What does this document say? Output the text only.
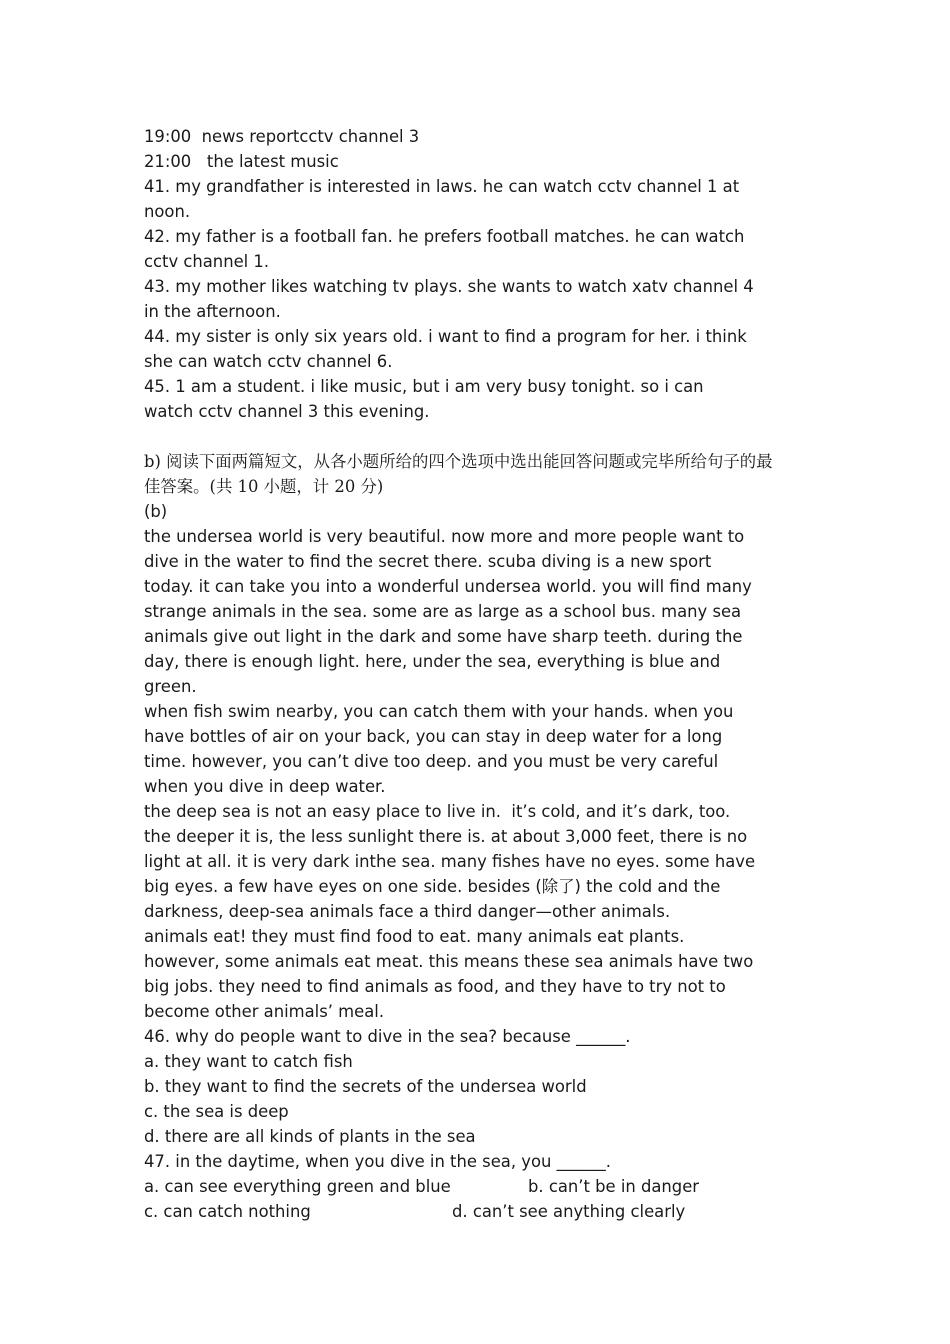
19:00 news reportcctv channel 3
21:00 the latest music
41. my grandfather is interested in laws. he can watch cctv channel 1 at
noon.
42. my father is a football fan. he prefers football matches. he can watch
cctv channel 1.
43. my mother likes watching tv plays. she wants to watch xatv channel 4
in the afternoon.
44. my sister is only six years old. i want to find a program for her. i think
she can watch cctv channel 6.
45. 1 am a student. i like music, but i am very busy tonight. so i can
watch cctv channel 3 this evening.
b) 阅读下面两篇短文，从各小题所给的四个选项中选出能回答问题或完毕所给句子的最
佳答案。(共 10 小题，计 20 分)
(b)
the undersea world is very beautiful. now more and more people want to
dive in the water to find the secret there. scuba diving is a new sport
today. it can take you into a wonderful undersea world. you will find many
strange animals in the sea. some are as large as a school bus. many sea
animals give out light in the dark and some have sharp teeth. during the
day, there is enough light. here, under the sea, everything is blue and
green.
when fish swim nearby, you can catch them with your hands. when you
have bottles of air on your back, you can stay in deep water for a long
time. however, you can’t dive too deep. and you must be very careful
when you dive in deep water.
the deep sea is not an easy place to live in.  it’s cold, and it’s dark, too.
the deeper it is, the less sunlight there is. at about 3,000 feet, there is no
light at all. it is very dark inthe sea. many fishes have no eyes. some have
big eyes. a few have eyes on one side. besides (除了) the cold and the
darkness, deep-sea animals face a third danger—other animals.
animals eat! they must find food to eat. many animals eat plants.
however, some animals eat meat. this means these sea animals have two
big jobs. they need to find animals as food, and they have to try not to
become other animals’ meal.
46. why do people want to dive in the sea? because ______.
a. they want to catch fish
b. they want to find the secrets of the undersea world
c. the sea is deep
d. there are all kinds of plants in the sea
47. in the daytime, when you dive in the sea, you ______.
a. can see everything green and blue	b. can’t be in danger
c. can catch nothing	d. can’t see anything clearly
